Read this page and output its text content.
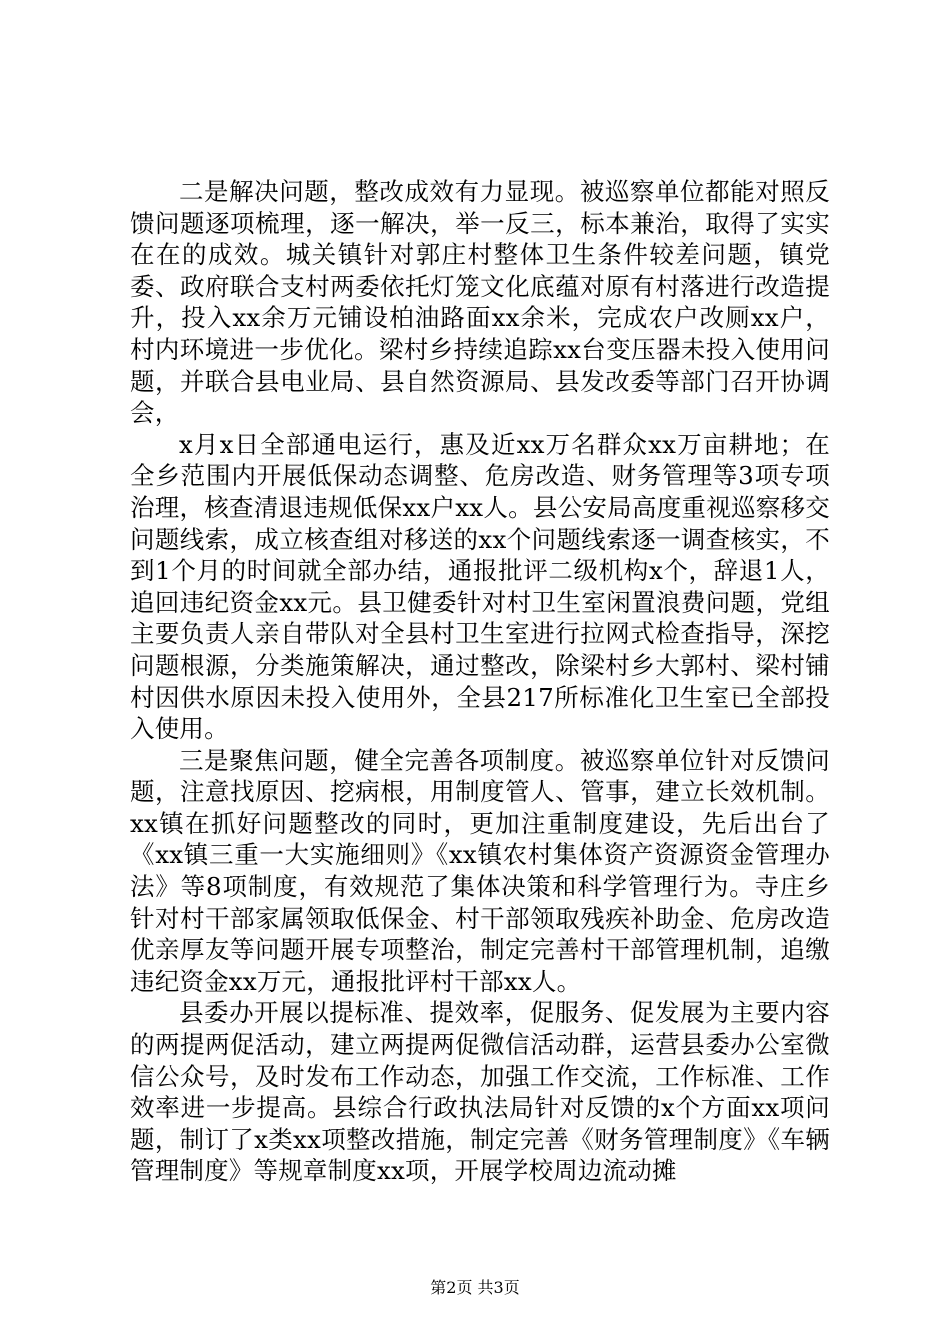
二是解决问题，整改成效有力显现。被巡察单位都能对照反馈问题逐项梳理，逐一解决，举一反三，标本兼治，取得了实实在在的成效。城关镇针对郭庄村整体卫生条件较差问题，镇党委、政府联合支村两委依托灯笼文化底蕴对原有村落进行改造提升，投入xx余万元铺设柏油路面xx余米，完成农户改厕xx户，村内环境进一步优化。梁村乡持续追踪xx台变压器未投入使用问题，并联合县电业局、县自然资源局、县发改委等部门召开协调会，

x月x日全部通电运行，惠及近xx万名群众xx万亩耕地；在全乡范围内开展低保动态调整、危房改造、财务管理等3项专项治理，核查清退违规低保xx户xx人。县公安局高度重视巡察移交问题线索，成立核查组对移送的xx个问题线索逐一调查核实，不到1个月的时间就全部办结，通报批评二级机构x个，辞退1人，追回违纪资金xx元。县卫健委针对村卫生室闲置浪费问题，党组主要负责人亲自带队对全县村卫生室进行拉网式检查指导，深挖问题根源，分类施策解决，通过整改，除梁村乡大郭村、梁村铺村因供水原因未投入使用外，全县217所标准化卫生室已全部投入使用。

三是聚焦问题，健全完善各项制度。被巡察单位针对反馈问题，注意找原因、挖病根，用制度管人、管事，建立长效机制。xx镇在抓好问题整改的同时，更加注重制度建设，先后出台了《xx镇三重一大实施细则》《xx镇农村集体资产资源资金管理办法》等8项制度，有效规范了集体决策和科学管理行为。寺庄乡针对村干部家属领取低保金、村干部领取残疾补助金、危房改造优亲厚友等问题开展专项整治，制定完善村干部管理机制，追缴违纪资金xx万元，通报批评村干部xx人。

县委办开展以提标准、提效率，促服务、促发展为主要内容的两提两促活动，建立两提两促微信活动群，运营县委办公室微信公众号，及时发布工作动态，加强工作交流，工作标准、工作效率进一步提高。县综合行政执法局针对反馈的x个方面xx项问题，制订了x类xx项整改措施，制定完善《财务管理制度》《车辆管理制度》等规章制度xx项，开展学校周边流动摊

第2页 共3页
